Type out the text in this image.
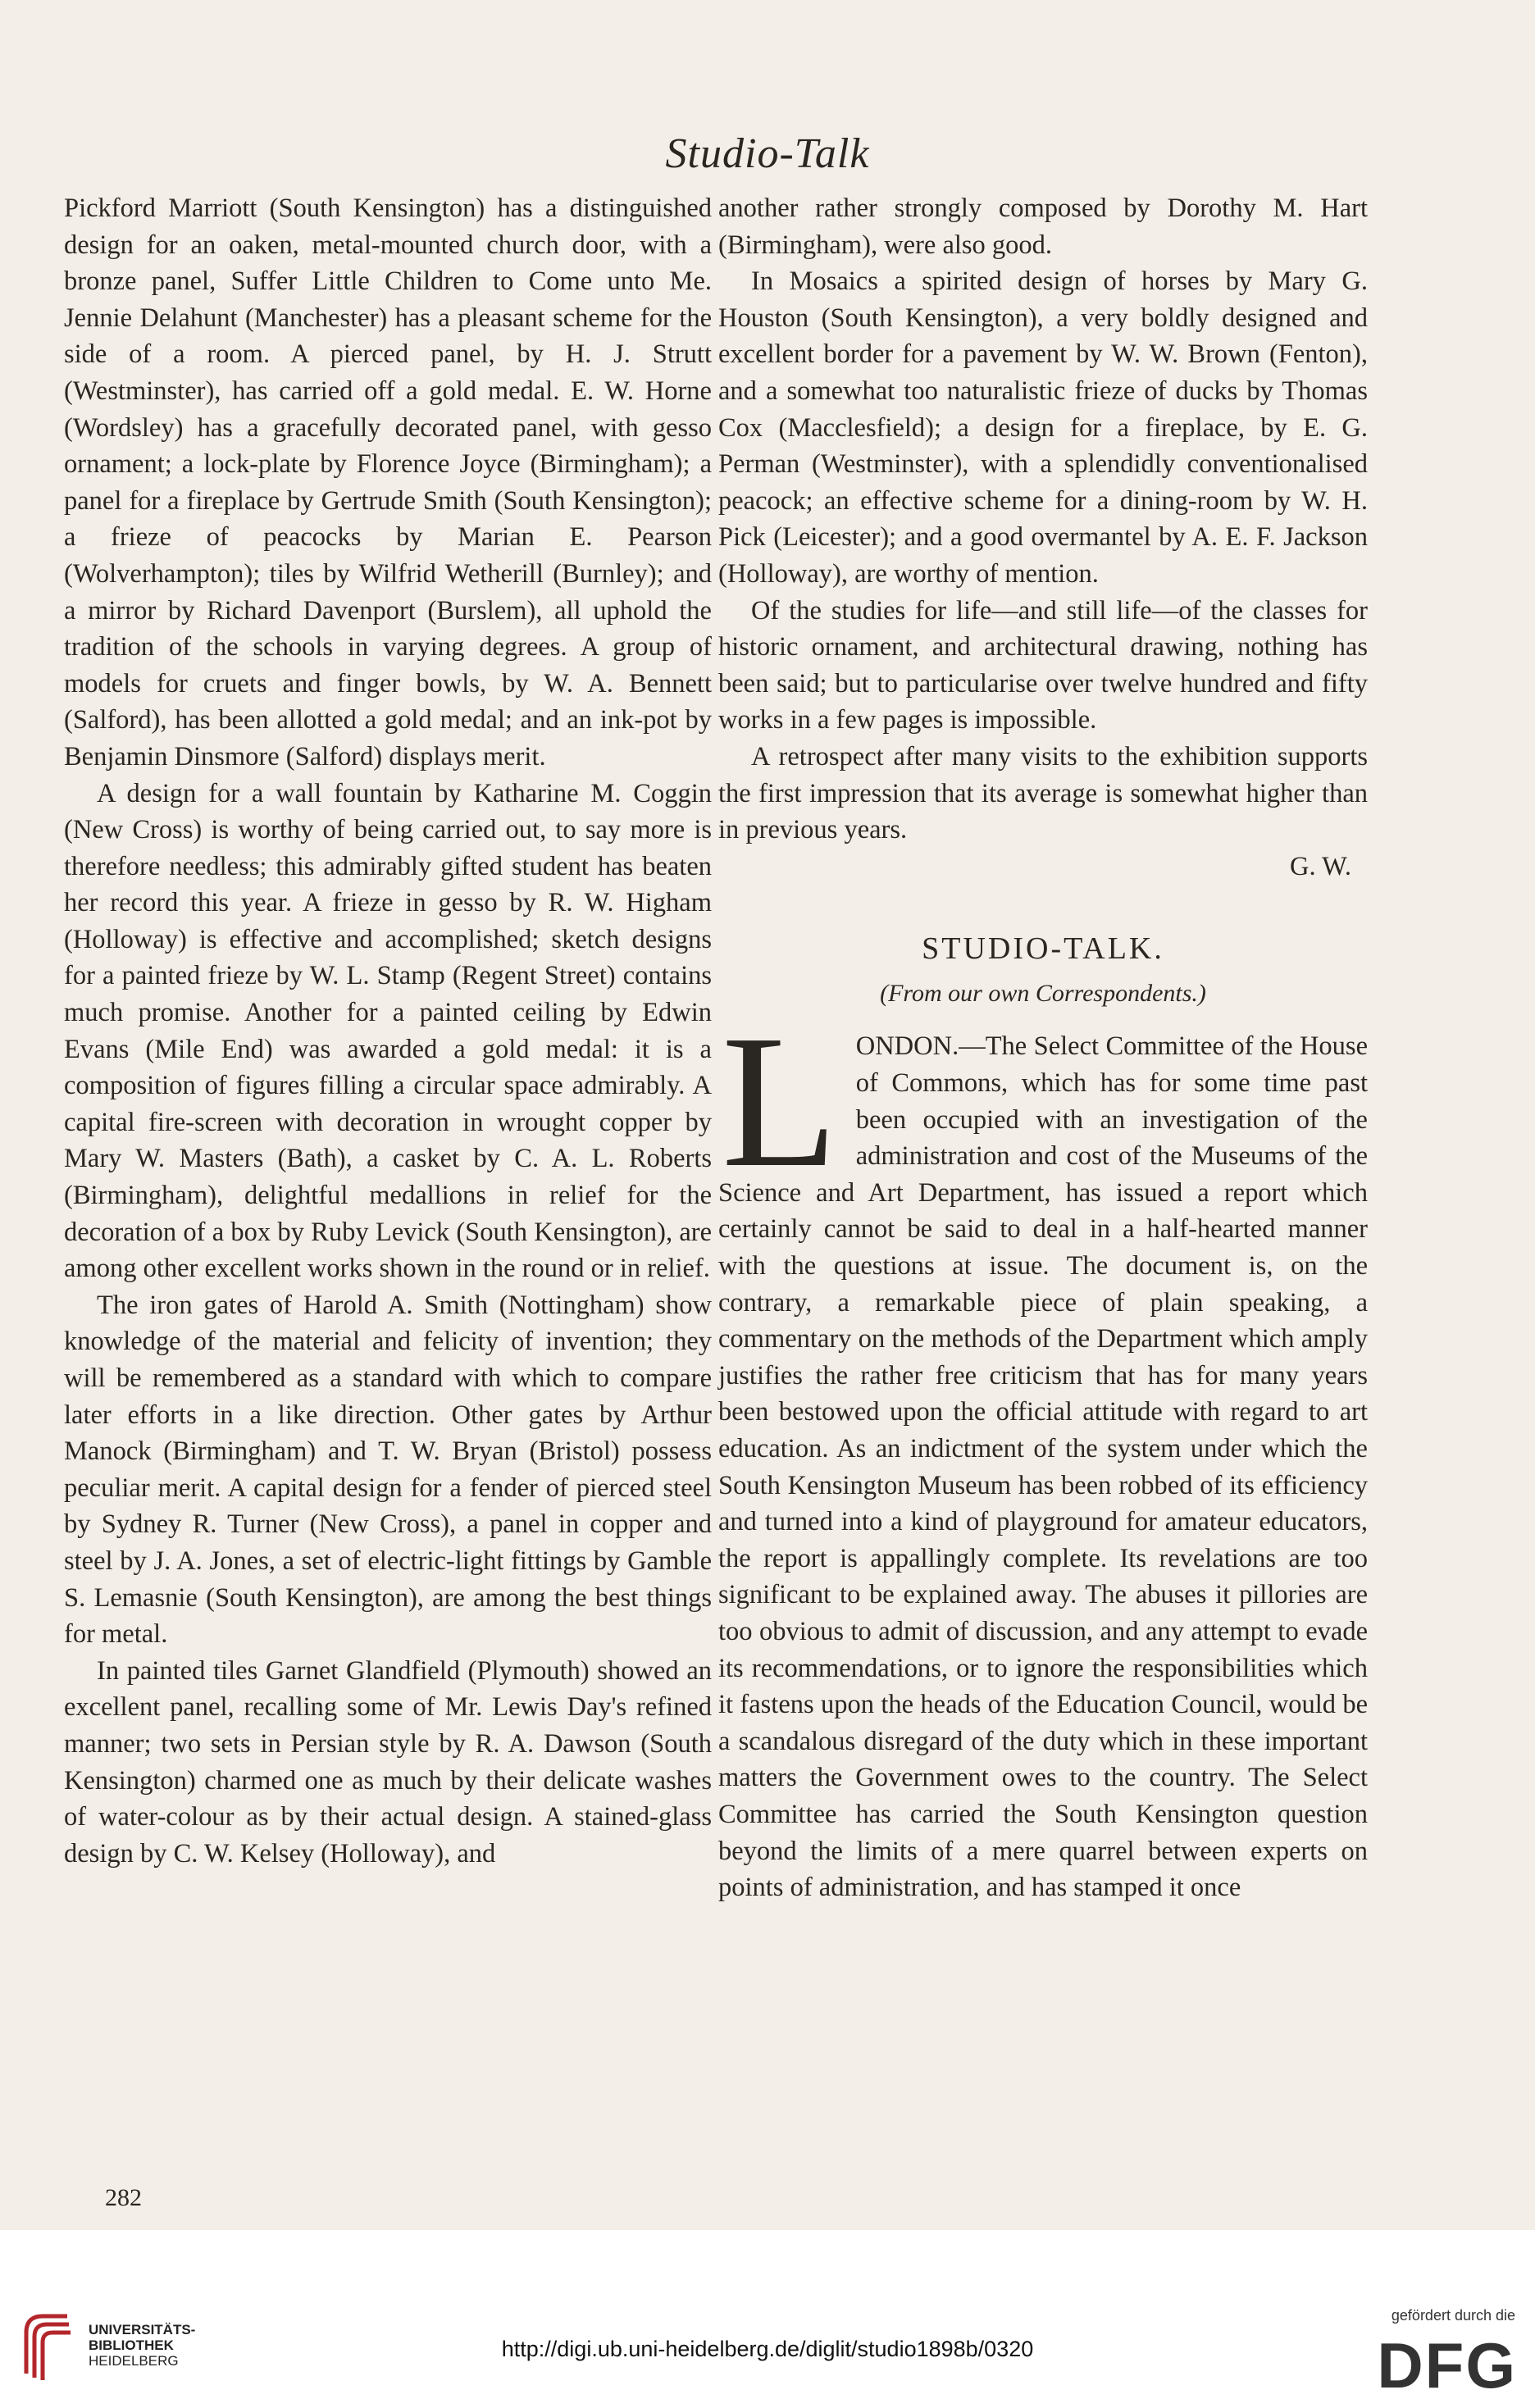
Studio-Talk

Pickford Marriott (South Kensington) has a distinguished design for an oaken, metal-mounted church door, with a bronze panel, Suffer Little Children to Come unto Me. Jennie Delahunt (Manchester) has a pleasant scheme for the side of a room. A pierced panel, by H. J. Strutt (Westminster), has carried off a gold medal. E. W. Horne (Wordsley) has a gracefully decorated panel, with gesso ornament; a lock-plate by Florence Joyce (Birmingham); a panel for a fireplace by Gertrude Smith (South Kensington); a frieze of peacocks by Marian E. Pearson (Wolverhampton); tiles by Wilfrid Wetherill (Burnley); and a mirror by Richard Davenport (Burslem), all uphold the tradition of the schools in varying degrees. A group of models for cruets and finger bowls, by W. A. Bennett (Salford), has been allotted a gold medal; and an ink-pot by Benjamin Dinsmore (Salford) displays merit.

A design for a wall fountain by Katharine M. Coggin (New Cross) is worthy of being carried out, to say more is therefore needless; this admirably gifted student has beaten her record this year. A frieze in gesso by R. W. Higham (Holloway) is effective and accomplished; sketch designs for a painted frieze by W. L. Stamp (Regent Street) contains much promise. Another for a painted ceiling by Edwin Evans (Mile End) was awarded a gold medal: it is a composition of figures filling a circular space admirably. A capital fire-screen with decoration in wrought copper by Mary W. Masters (Bath), a casket by C. A. L. Roberts (Birmingham), delightful medallions in relief for the decoration of a box by Ruby Levick (South Kensington), are among other excellent works shown in the round or in relief.

The iron gates of Harold A. Smith (Nottingham) show knowledge of the material and felicity of invention; they will be remembered as a standard with which to compare later efforts in a like direction. Other gates by Arthur Manock (Birmingham) and T. W. Bryan (Bristol) possess peculiar merit. A capital design for a fender of pierced steel by Sydney R. Turner (New Cross), a panel in copper and steel by J. A. Jones, a set of electric-light fittings by Gamble S. Lemasnie (South Kensington), are among the best things for metal.

In painted tiles Garnet Glandfield (Plymouth) showed an excellent panel, recalling some of Mr. Lewis Day's refined manner; two sets in Persian style by R. A. Dawson (South Kensington) charmed one as much by their delicate washes of water-colour as by their actual design. A stained-glass design by C. W. Kelsey (Holloway), and

another rather strongly composed by Dorothy M. Hart (Birmingham), were also good.

In Mosaics a spirited design of horses by Mary G. Houston (South Kensington), a very boldly designed and excellent border for a pavement by W. W. Brown (Fenton), and a somewhat too naturalistic frieze of ducks by Thomas Cox (Macclesfield); a design for a fireplace, by E. G. Perman (Westminster), with a splendidly conventionalised peacock; an effective scheme for a dining-room by W. H. Pick (Leicester); and a good overmantel by A. E. F. Jackson (Holloway), are worthy of mention.

Of the studies for life—and still life—of the classes for historic ornament, and architectural drawing, nothing has been said; but to particularise over twelve hundred and fifty works in a few pages is impossible.

A retrospect after many visits to the exhibition supports the first impression that its average is somewhat higher than in previous years.

G. W.

STUDIO-TALK.
(From our own Correspondents.)

LONDON.—The Select Committee of the House of Commons, which has for some time past been occupied with an investigation of the administration and cost of the Museums of the Science and Art Department, has issued a report which certainly cannot be said to deal in a half-hearted manner with the questions at issue. The document is, on the contrary, a remarkable piece of plain speaking, a commentary on the methods of the Department which amply justifies the rather free criticism that has for many years been bestowed upon the official attitude with regard to art education. As an indictment of the system under which the South Kensington Museum has been robbed of its efficiency and turned into a kind of playground for amateur educators, the report is appallingly complete. Its revelations are too significant to be explained away. The abuses it pillories are too obvious to admit of discussion, and any attempt to evade its recommendations, or to ignore the responsibilities which it fastens upon the heads of the Education Council, would be a scandalous disregard of the duty which in these important matters the Government owes to the country. The Select Committee has carried the South Kensington question beyond the limits of a mere quarrel between experts on points of administration, and has stamped it once

282
UNIVERSITÄTS-
BIBLIOTHEK
HEIDELBERG	http://digi.ub.uni-heidelberg.de/diglit/studio1898b/0320
gefördert durch die
DFG
